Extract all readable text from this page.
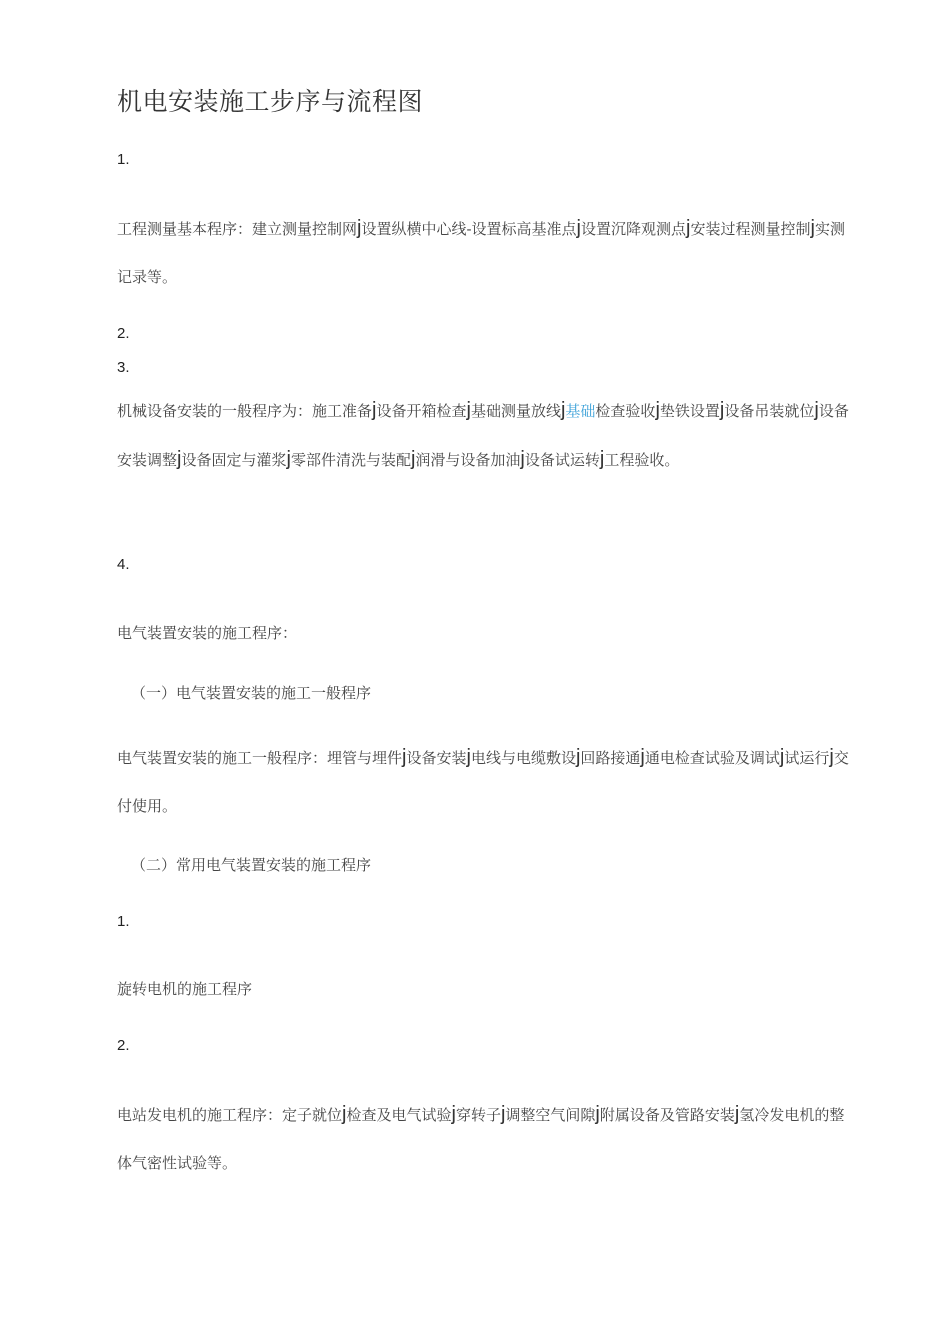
机电安装施工步序与流程图
1.

工程测量基本程序：建立测量控制网j设置纵横中心线-设置标高基准点j设置沉降观测点j安装过程测量控制j实测记录等。

2.
3.

机械设备安装的一般程序为：施工准备j设备开箱检查j基础测量放线j基础检查验收j垫铁设置j设备吊装就位j设备安装调整j设备固定与灌浆j零部件清洗与装配j润滑与设备加油j设备试运转j工程验收。

4.

电气装置安装的施工程序：

（一）电气装置安装的施工一般程序

电气装置安装的施工一般程序：埋管与埋件j设备安装j电线与电缆敷设j回路接通j通电检查试验及调试j试运行j交付使用。

（二）常用电气装置安装的施工程序

1.

旋转电机的施工程序

2.

电站发电机的施工程序：定子就位j检查及电气试验j穿转子j调整空气间隙j附属设备及管路安装j氢冷发电机的整体气密性试验等。
